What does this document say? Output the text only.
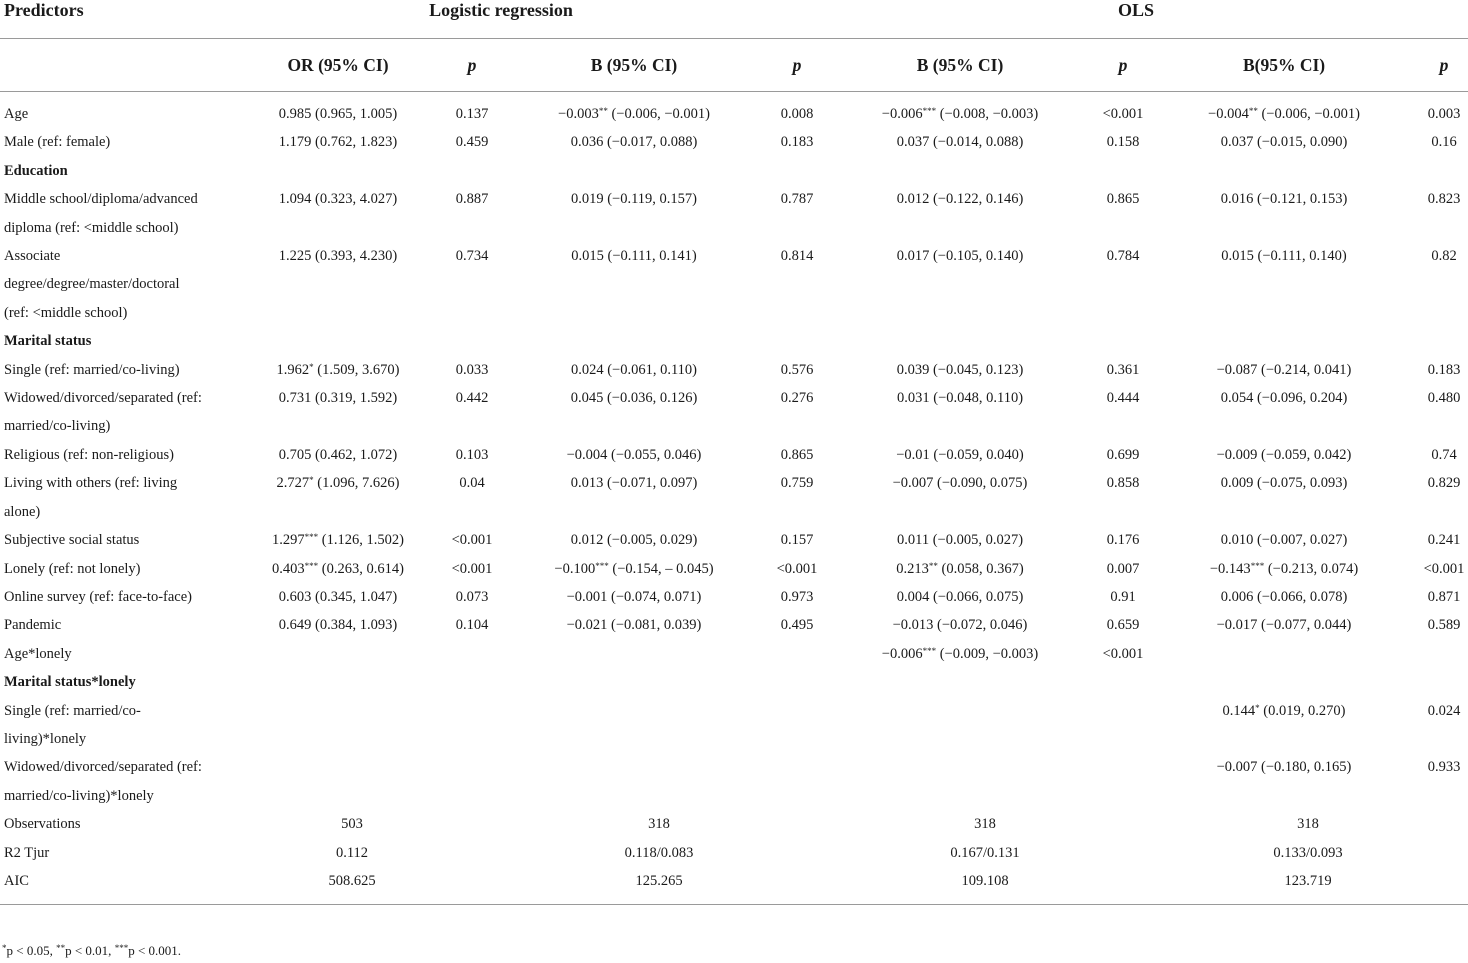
Predictors	Logistic regression				OLS			
	OR (95% CI)	p	B (95% CI)	p	B (95% CI)	p	B(95% CI)	p
Age	0.985 (0.965, 1.005)	0.137	−0.003** (−0.006, −0.001)	0.008	−0.006*** (−0.008, −0.003)	<0.001	−0.004** (−0.006, −0.001)	0.003
Male (ref: female)	1.179 (0.762, 1.823)	0.459	0.036 (−0.017, 0.088)	0.183	0.037 (−0.014, 0.088)	0.158	0.037 (−0.015, 0.090)	0.16
Education								
Middle school/diploma/advanced diploma (ref: <middle school)	1.094 (0.323, 4.027)	0.887	0.019 (−0.119, 0.157)	0.787	0.012 (−0.122, 0.146)	0.865	0.016 (−0.121, 0.153)	0.823
Associate degree/degree/master/doctoral (ref: <middle school)	1.225 (0.393, 4.230)	0.734	0.015 (−0.111, 0.141)	0.814	0.017 (−0.105, 0.140)	0.784	0.015 (−0.111, 0.140)	0.82
Marital status								
Single (ref: married/co-living)	1.962* (1.509, 3.670)	0.033	0.024 (−0.061, 0.110)	0.576	0.039 (−0.045, 0.123)	0.361	−0.087 (−0.214, 0.041)	0.183
Widowed/divorced/separated (ref: married/co-living)	0.731 (0.319, 1.592)	0.442	0.045 (−0.036, 0.126)	0.276	0.031 (−0.048, 0.110)	0.444	0.054 (−0.096, 0.204)	0.480
Religious (ref: non-religious)	0.705 (0.462, 1.072)	0.103	−0.004 (−0.055, 0.046)	0.865	−0.01 (−0.059, 0.040)	0.699	−0.009 (−0.059, 0.042)	0.74
Living with others (ref: living alone)	2.727* (1.096, 7.626)	0.04	0.013 (−0.071, 0.097)	0.759	−0.007 (−0.090, 0.075)	0.858	0.009 (−0.075, 0.093)	0.829
Subjective social status	1.297*** (1.126, 1.502)	<0.001	0.012 (−0.005, 0.029)	0.157	0.011 (−0.005, 0.027)	0.176	0.010 (−0.007, 0.027)	0.241
Lonely (ref: not lonely)	0.403*** (0.263, 0.614)	<0.001	−0.100*** (−0.154, – 0.045)	<0.001	0.213** (0.058, 0.367)	0.007	−0.143*** (−0.213, 0.074)	<0.001
Online survey (ref: face-to-face)	0.603 (0.345, 1.047)	0.073	−0.001 (−0.074, 0.071)	0.973	0.004 (−0.066, 0.075)	0.91	0.006 (−0.066, 0.078)	0.871
Pandemic	0.649 (0.384, 1.093)	0.104	−0.021 (−0.081, 0.039)	0.495	−0.013 (−0.072, 0.046)	0.659	−0.017 (−0.077, 0.044)	0.589
Age*lonely					−0.006*** (−0.009, −0.003)	<0.001		
Marital status*lonely								
Single (ref: married/co-living)*lonely							0.144* (0.019, 0.270)	0.024
Widowed/divorced/separated (ref: married/co-living)*lonely							−0.007 (−0.180, 0.165)	0.933
Observations	503		318		318		318	
R2 Tjur	0.112		0.118/0.083		0.167/0.131		0.133/0.093	
AIC	508.625		125.265		109.108		123.719	
*p < 0.05, **p < 0.01, ***p < 0.001.
